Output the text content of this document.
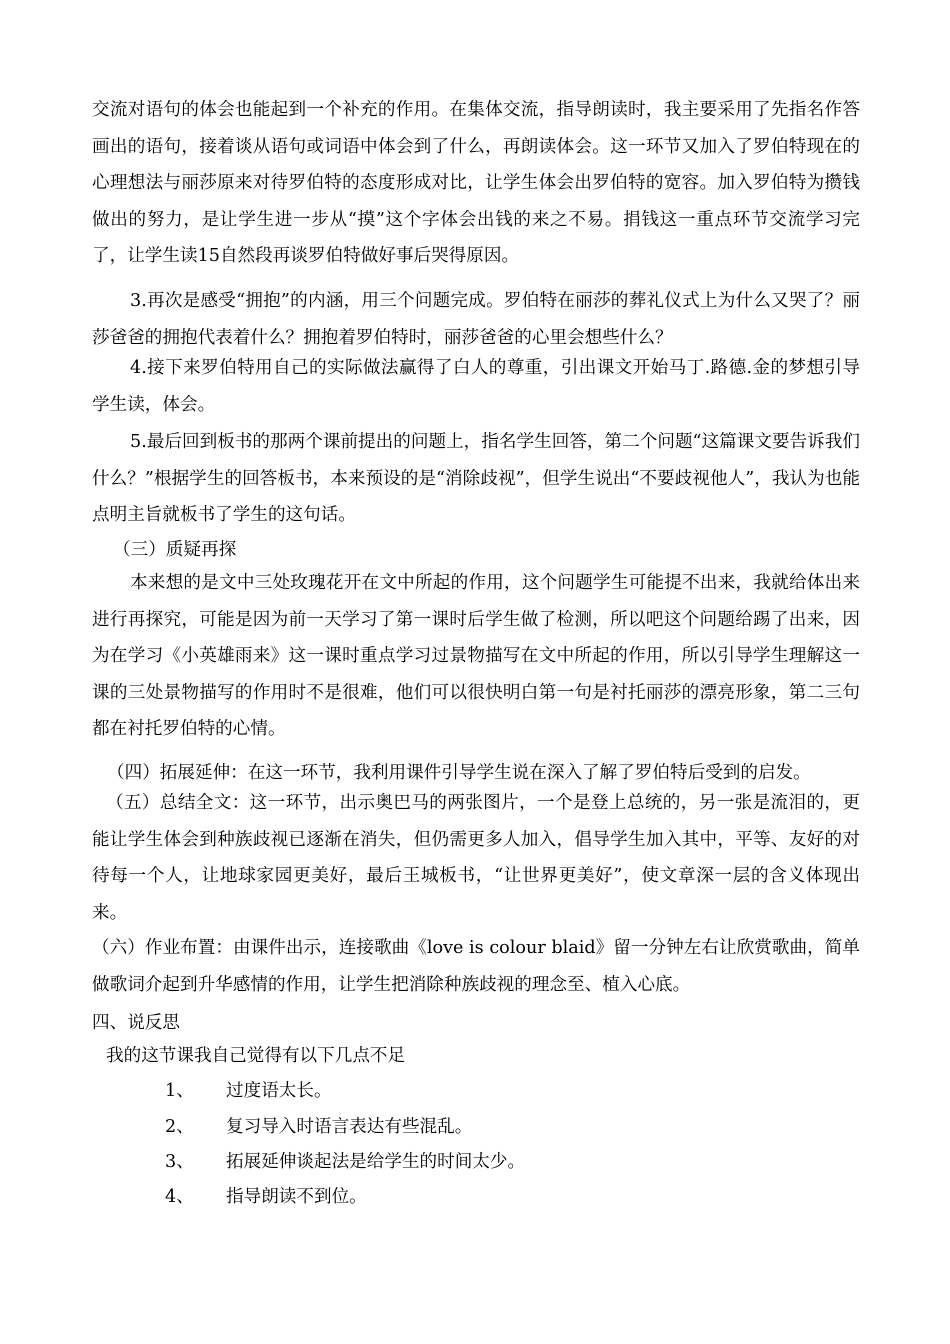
交流对语句的体会也能起到一个补充的作用。在集体交流，指导朗读时，我主要采用了先指名作答画出的语句，接着谈从语句或词语中体会到了什么，再朗读体会。这一环节又加入了罗伯特现在的心理想法与丽莎原来对待罗伯特的态度形成对比，让学生体会出罗伯特的宽容。加入罗伯特为攒钱做出的努力，是让学生进一步从“摸”这个字体会出钱的来之不易。捐钱这一重点环节交流学习完了，让学生读15自然段再谈罗伯特做好事后哭得原因。

3.再次是感受“拥抱”的内涵，用三个问题完成。罗伯特在丽莎的葬礼仪式上为什么又哭了？丽莎爸爸的拥抱代表着什么？拥抱着罗伯特时，丽莎爸爸的心里会想些什么？

4.接下来罗伯特用自己的实际做法赢得了白人的尊重，引出课文开始马丁.路德.金的梦想引导学生读，体会。

5.最后回到板书的那两个课前提出的问题上，指名学生回答，第二个问题“这篇课文要告诉我们什么？”根据学生的回答板书，本来预设的是“消除歧视”，但学生说出“不要歧视他人”，我认为也能点明主旨就板书了学生的这句话。

（三）质疑再探

本来想的是文中三处玫瑰花开在文中所起的作用，这个问题学生可能提不出来，我就给体出来进行再探究，可能是因为前一天学习了第一课时后学生做了检测，所以吧这个问题给踢了出来，因为在学习《小英雄雨来》这一课时重点学习过景物描写在文中所起的作用，所以引导学生理解这一课的三处景物描写的作用时不是很难，他们可以很快明白第一句是衬托丽莎的漂亮形象，第二三句都在衬托罗伯特的心情。

（四）拓展延伸：在这一环节，我利用课件引导学生说在深入了解了罗伯特后受到的启发。

（五）总结全文：这一环节，出示奥巴马的两张图片，一个是登上总统的，另一张是流泪的，更能让学生体会到种族歧视已逐渐在消失，但仍需更多人加入，倡导学生加入其中，平等、友好的对待每一个人，让地球家园更美好，最后王城板书，“让世界更美好”，使文章深一层的含义体现出来。

（六）作业布置：由课件出示，连接歌曲《love is colour blaid》留一分钟左右让欣赏歌曲，简单做歌词介起到升华感情的作用，让学生把消除种族歧视的理念至、植入心底。

四、说反思

我的这节课我自己觉得有以下几点不足

1、 过度语太长。
2、 复习导入时语言表达有些混乱。
3、 拓展延伸谈起法是给学生的时间太少。
4、 指导朗读不到位。
